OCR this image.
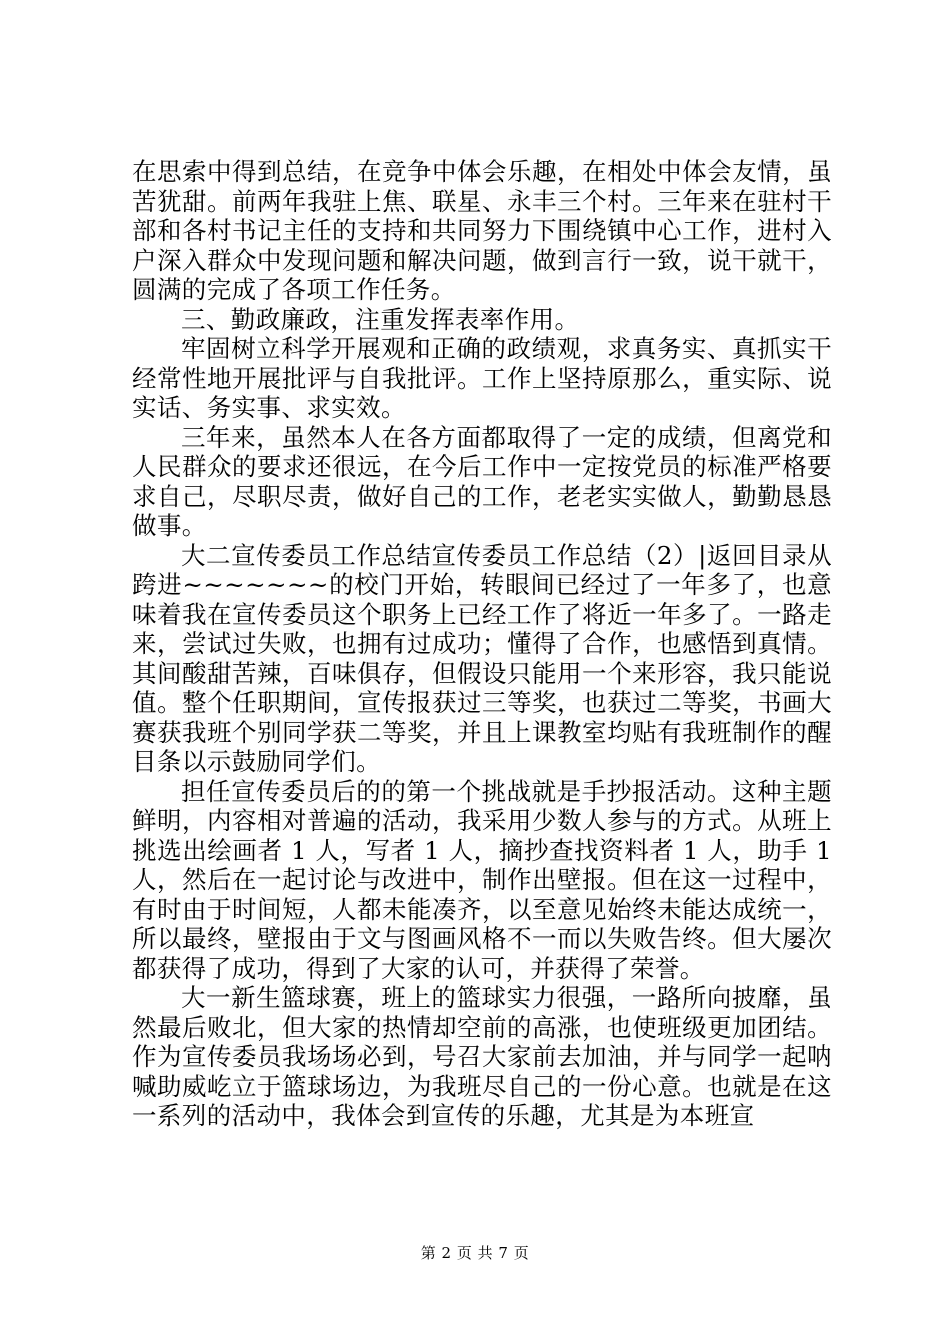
在思索中得到总结，在竞争中体会乐趣，在相处中体会友情，虽苦犹甜。前两年我驻上焦、联星、永丰三个村。三年来在驻村干部和各村书记主任的支持和共同努力下围绕镇中心工作，进村入户深入群众中发现问题和解决问题，做到言行一致，说干就干，圆满的完成了各项工作任务。

三、勤政廉政，注重发挥表率作用。

牢固树立科学开展观和正确的政绩观，求真务实、真抓实干经常性地开展批评与自我批评。工作上坚持原那么，重实际、说实话、务实事、求实效。

三年来，虽然本人在各方面都取得了一定的成绩，但离党和人民群众的要求还很远，在今后工作中一定按党员的标准严格要求自己，尽职尽责，做好自己的工作，老老实实做人，勤勤恳恳做事。

大二宣传委员工作总结宣传委员工作总结（2）|返回目录从跨进~~~~~~~的校门开始，转眼间已经过了一年多了，也意味着我在宣传委员这个职务上已经工作了将近一年多了。一路走来，尝试过失败，也拥有过成功；懂得了合作，也感悟到真情。其间酸甜苦辣，百味俱存，但假设只能用一个来形容，我只能说值。整个任职期间，宣传报获过三等奖，也获过二等奖，书画大赛获我班个别同学获二等奖，并且上课教室均贴有我班制作的醒目条以示鼓励同学们。

担任宣传委员后的的第一个挑战就是手抄报活动。这种主题鲜明，内容相对普遍的活动，我采用少数人参与的方式。从班上挑选出绘画者 1 人，写者 1 人，摘抄查找资料者 1 人，助手 1 人，然后在一起讨论与改进中，制作出壁报。但在这一过程中，有时由于时间短，人都未能凑齐，以至意见始终未能达成统一，所以最终，壁报由于文与图画风格不一而以失败告终。但大屡次都获得了成功，得到了大家的认可，并获得了荣誉。

大一新生篮球赛，班上的篮球实力很强，一路所向披靡，虽然最后败北，但大家的热情却空前的高涨，也使班级更加团结。作为宣传委员我场场必到，号召大家前去加油，并与同学一起呐喊助威屹立于篮球场边，为我班尽自己的一份心意。也就是在这一系列的活动中，我体会到宣传的乐趣，尤其是为本班宣

第 2 页 共 7 页
